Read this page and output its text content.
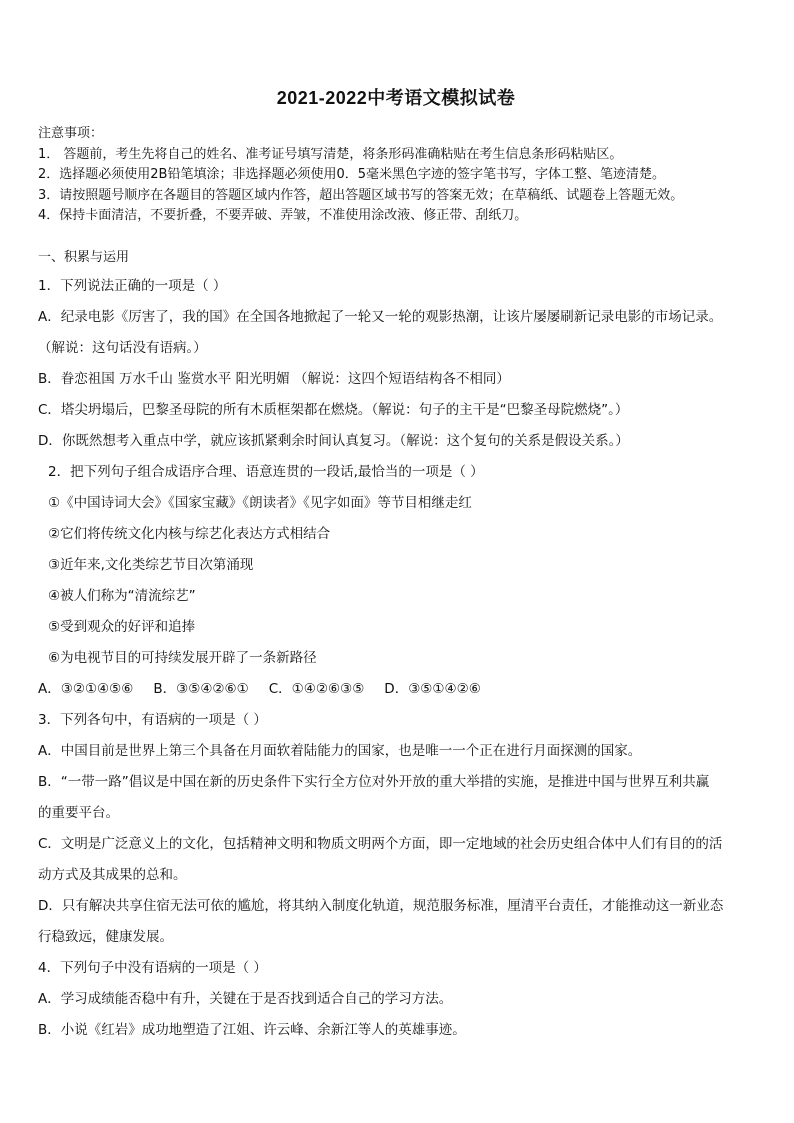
2021-2022中考语文模拟试卷
注意事项：
1． 答题前，考生先将自己的姓名、准考证号填写清楚，将条形码准确粘贴在考生信息条形码粘贴区。
2．选择题必须使用2B铅笔填涂；非选择题必须使用0．5毫米黑色字迹的签字笔书写，字体工整、笔迹清楚。
3．请按照题号顺序在各题目的答题区域内作答，超出答题区域书写的答案无效；在草稿纸、试题卷上答题无效。
4．保持卡面清洁，不要折叠，不要弄破、弄皱，不准使用涂改液、修正带、刮纸刀。
一、积累与运用
1．下列说法正确的一项是（ ）
A．纪录电影《厉害了，我的国》在全国各地掀起了一轮又一轮的观影热潮，让该片屡屡刷新记录电影的市场记录。
（解说：这句话没有语病。）
B．眷恋祖国 万水千山 鉴赏水平 阳光明媚 （解说：这四个短语结构各不相同）
C．塔尖坍塌后，巴黎圣母院的所有木质框架都在燃烧。（解说：句子的主干是“巴黎圣母院燃烧”。）
D．你既然想考入重点中学，就应该抓紧剩余时间认真复习。（解说：这个复句的关系是假设关系。）
2．把下列句子组合成语序合理、语意连贯的一段话,最恰当的一项是（ ）
①《中国诗词大会》《国家宝藏》《朗读者》《见字如面》等节目相继走红
②它们将传统文化内核与综艺化表达方式相结合
③近年来,文化类综艺节目次第涌现
④被人们称为“清流综艺”
⑤受到观众的好评和追捧
⑥为电视节目的可持续发展开辟了一条新路径
A．③②①④⑤⑥ B．③⑤④②⑥① C．①④②⑥③⑤ D．③⑤①④②⑥
3．下列各句中，有语病的一项是（ ）
A．中国目前是世界上第三个具备在月面软着陆能力的国家，也是唯一一个正在进行月面探测的国家。
B．“一带一路”倡议是中国在新的历史条件下实行全方位对外开放的重大举措的实施，是推进中国与世界互利共赢
的重要平台。
C．文明是广泛意义上的文化，包括精神文明和物质文明两个方面，即一定地域的社会历史组合体中人们有目的的活
动方式及其成果的总和。
D．只有解决共享住宿无法可依的尴尬，将其纳入制度化轨道，规范服务标准，厘清平台责任，才能推动这一新业态
行稳致远，健康发展。
4．下列句子中没有语病的一项是（ ）
A．学习成绩能否稳中有升，关键在于是否找到适合自己的学习方法。
B．小说《红岩》成功地塑造了江姐、许云峰、余新江等人的英雄事迹。
